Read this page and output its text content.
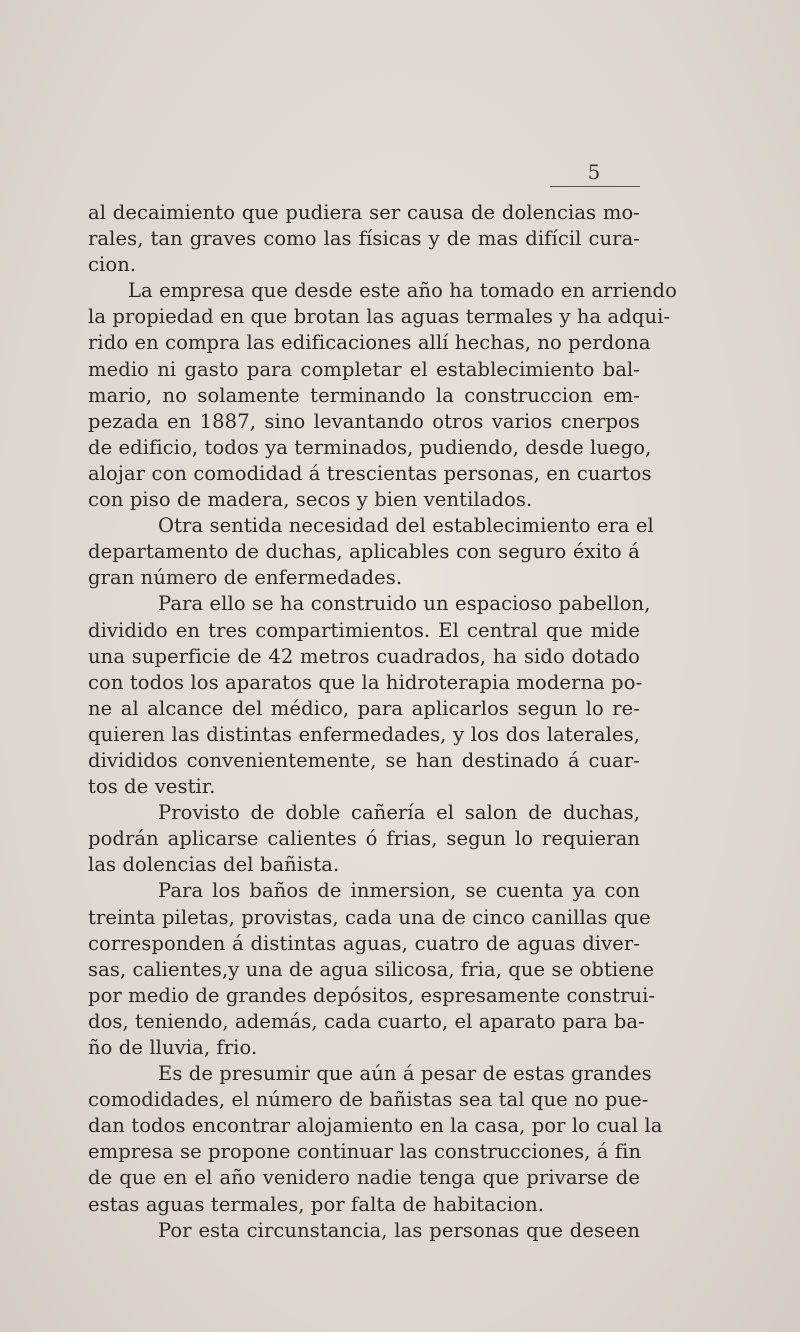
5
al decaimiento que pudiera ser causa de dolencias mo-
rales, tan graves como las físicas y de mas difícil cura-
cion.
La empresa que desde este año ha tomado en arriendo
la propiedad en que brotan las aguas termales y ha adqui-
rido en compra las edificaciones allí hechas, no perdona
medio ni gasto para completar el establecimiento bal-
mario, no solamente terminando la construccion em-
pezada en 1887, sino levantando otros varios cnerpos
de edificio, todos ya terminados, pudiendo, desde luego,
alojar con comodidad á trescientas personas, en cuartos
con piso de madera, secos y bien ventilados.
Otra sentida necesidad del establecimiento era el
departamento de duchas, aplicables con seguro éxito á
gran número de enfermedades.
Para ello se ha construido un espacioso pabellon,
dividido en tres compartimientos. El central que mide
una superficie de 42 metros cuadrados, ha sido dotado
con todos los aparatos que la hidroterapia moderna po-
ne al alcance del médico, para aplicarlos segun lo re-
quieren las distintas enfermedades, y los dos laterales,
divididos convenientemente, se han destinado á cuar-
tos de vestir.
Provisto de doble cañería el salon de duchas,
podrán aplicarse calientes ó frias, segun lo requieran
las dolencias del bañista.
Para los baños de inmersion, se cuenta ya con
treinta piletas, provistas, cada una de cinco canillas que
corresponden á distintas aguas, cuatro de aguas diver-
sas, calientes,y una de agua silicosa, fria, que se obtiene
por medio de grandes depósitos, espresamente construi-
dos, teniendo, además, cada cuarto, el aparato para ba-
ño de lluvia, frio.
Es de presumir que aún á pesar de estas grandes
comodidades, el número de bañistas sea tal que no pue-
dan todos encontrar alojamiento en la casa, por lo cual la
empresa se propone continuar las construcciones, á fin
de que en el año venidero nadie tenga que privarse de
estas aguas termales, por falta de habitacion.
Por esta circunstancia, las personas que deseen
